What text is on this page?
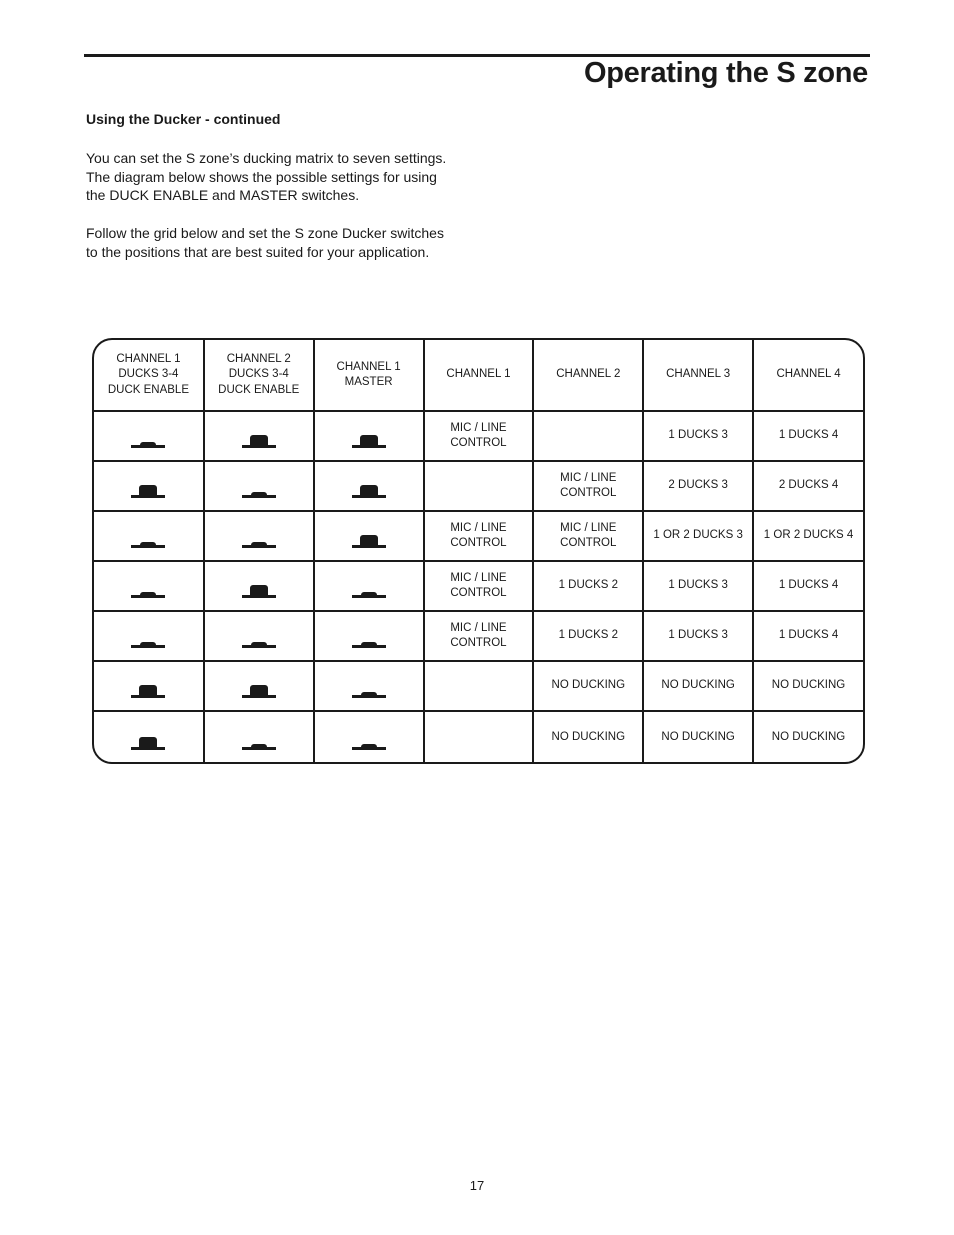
Operating the S zone
Using the Ducker - continued

You can set the S zone’s ducking matrix to seven settings.
The diagram below shows the possible settings for using
the DUCK ENABLE and MASTER switches.

Follow the grid below and set the S zone Ducker switches
to the positions that are best suited for your application.

CHANNEL 1
DUCKS 3-4
DUCK ENABLE	CHANNEL 2
DUCKS 3-4
DUCK ENABLE	CHANNEL 1
MASTER	CHANNEL 1	CHANNEL 2	CHANNEL 3	CHANNEL 4

			MIC / LINE
CONTROL		1 DUCKS 3	1 DUCKS 4

				MIC / LINE
CONTROL	2 DUCKS 3	2 DUCKS 4

			MIC / LINE
CONTROL	MIC / LINE
CONTROL	1 OR 2 DUCKS 3	1 OR 2 DUCKS 4

			MIC / LINE
CONTROL	1 DUCKS 2	1 DUCKS 3	1 DUCKS 4

			MIC / LINE
CONTROL	1 DUCKS 2	1 DUCKS 3	1 DUCKS 4

				NO DUCKING	NO DUCKING	NO DUCKING

				NO DUCKING	NO DUCKING	NO DUCKING
17
